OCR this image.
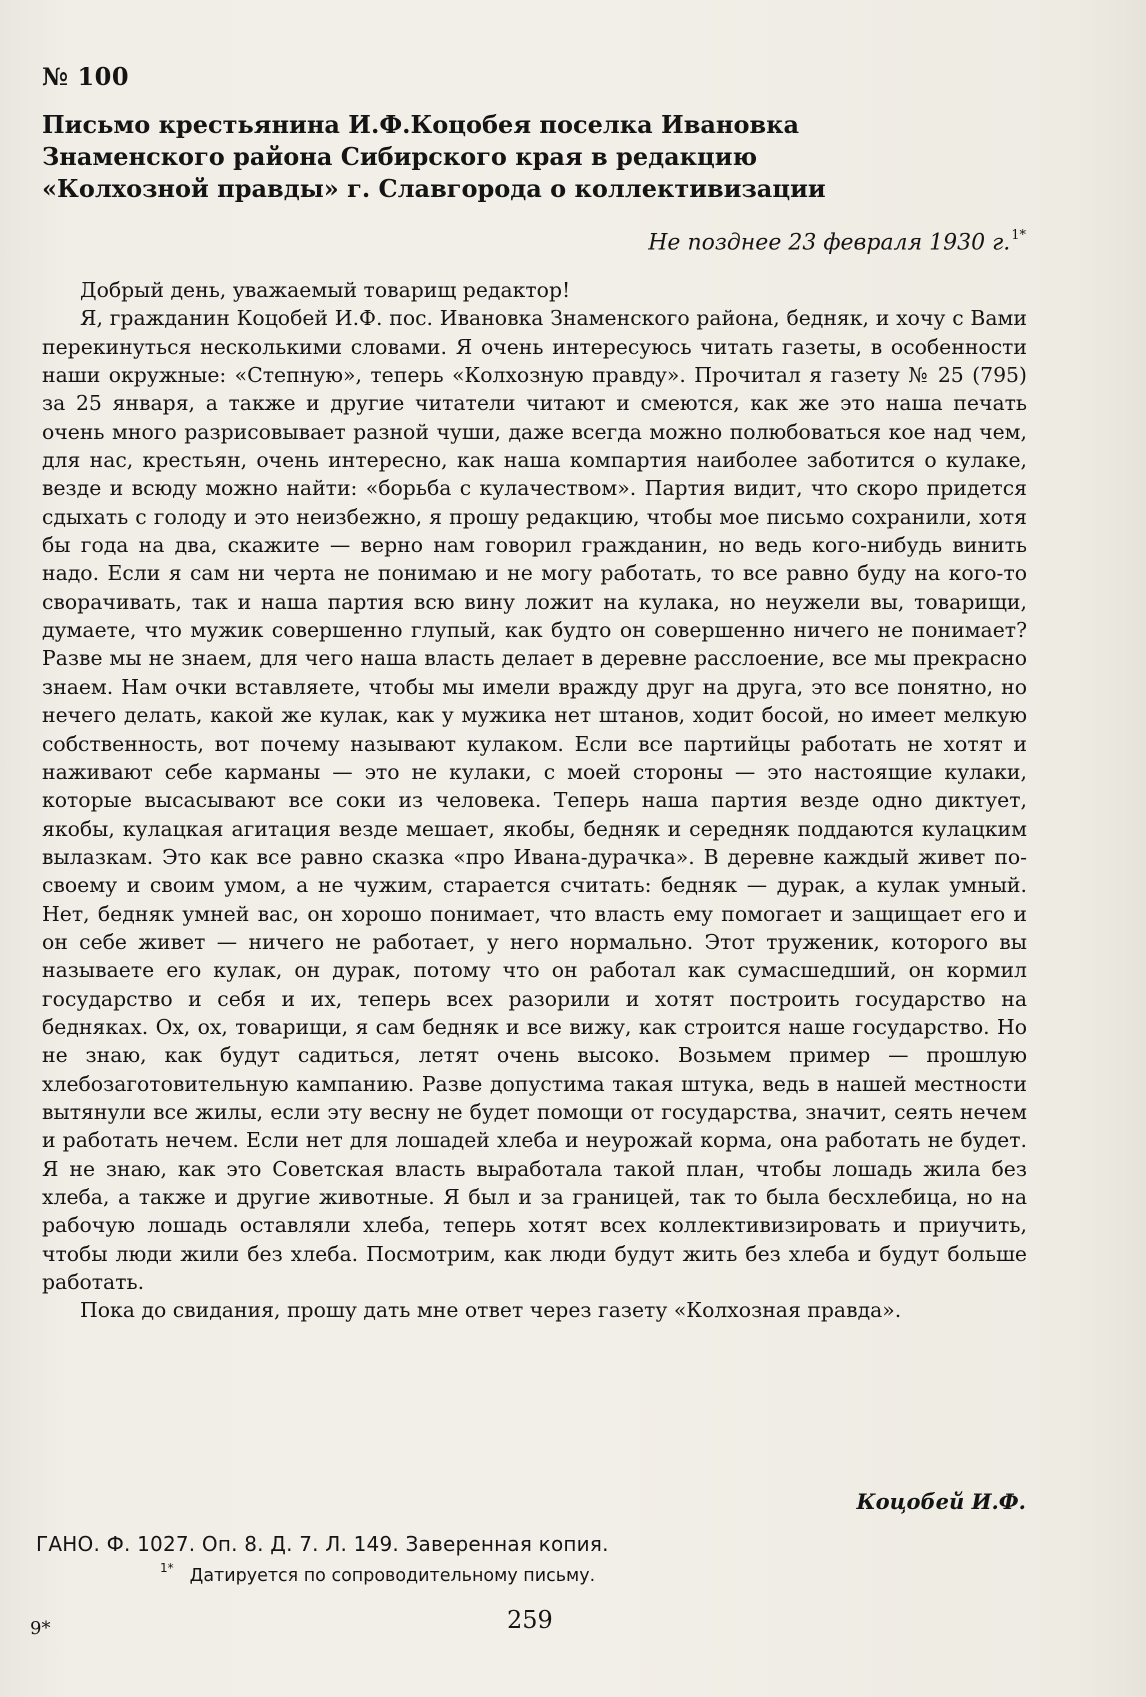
№ 100
Письмо крестьянина И.Ф.Коцобея поселка Ивановка
Знаменского района Сибирского края в редакцию
«Колхозной правды» г. Славгорода о коллективизации
Не позднее 23 февраля 1930 г.$^{1*}$

Добрый день, уважаемый товарищ редактор!

Я, гражданин Коцобей И.Ф. пос. Ивановка Знаменского района, бедняк, и хочу с Вами перекинуться несколькими словами. Я очень интересуюсь читать газеты, в особенности наши окружные: «Степную», теперь «Колхозную правду». Прочитал я газету № 25 (795) за 25 января, а также и другие читатели читают и смеются, как же это наша печать очень много разрисовывает разной чуши, даже всегда можно полюбоваться кое над чем, для нас, крестьян, очень интересно, как наша компартия наиболее заботится о кулаке, везде и всюду можно найти: «борьба с кулачеством». Партия видит, что скоро придется сдыхать с голоду и это неизбежно, я прошу редакцию, чтобы мое письмо сохранили, хотя бы года на два, скажите — верно нам говорил гражданин, но ведь кого-нибудь винить надо. Если я сам ни черта не понимаю и не могу работать, то все равно буду на кого-то сворачивать, так и наша партия всю вину ложит на кулака, но неужели вы, товарищи, думаете, что мужик совершенно глупый, как будто он совершенно ничего не понимает? Разве мы не знаем, для чего наша власть делает в деревне расслоение, все мы прекрасно знаем. Нам очки вставляете, чтобы мы имели вражду друг на друга, это все понятно, но нечего делать, какой же кулак, как у мужика нет штанов, ходит босой, но имеет мелкую собственность, вот почему называют кулаком. Если все партийцы работать не хотят и наживают себе карманы — это не кулаки, с моей стороны — это настоящие кулаки, которые высасывают все соки из человека. Теперь наша партия везде одно диктует, якобы, кулацкая агитация везде мешает, якобы, бедняк и середняк поддаются кулацким вылазкам. Это как все равно сказка «про Ивана-дурачка». В деревне каждый живет по-своему и своим умом, а не чужим, старается считать: бедняк — дурак, а кулак умный. Нет, бедняк умней вас, он хорошо понимает, что власть ему помогает и защищает его и он себе живет — ничего не работает, у него нормально. Этот труженик, которого вы называете его кулак, он дурак, потому что он работал как сумасшедший, он кормил государство и себя и их, теперь всех разорили и хотят построить государство на бедняках. Ох, ох, товарищи, я сам бедняк и все вижу, как строится наше государство. Но не знаю, как будут садиться, летят очень высоко. Возьмем пример — прошлую хлебозаготовительную кампанию. Разве допустима такая штука, ведь в нашей местности вытянули все жилы, если эту весну не будет помощи от государства, значит, сеять нечем и работать нечем. Если нет для лошадей хлеба и неурожай корма, она работать не будет. Я не знаю, как это Советская власть выработала такой план, чтобы лошадь жила без хлеба, а также и другие животные. Я был и за границей, так то была бесхлебица, но на рабочую лошадь оставляли хлеба, теперь хотят всех коллективизировать и приучить, чтобы люди жили без хлеба. Посмотрим, как люди будут жить без хлеба и будут больше работать.

Пока до свидания, прошу дать мне ответ через газету «Колхозная правда».

Коцобей И.Ф.
ГАНО. Ф. 1027. Оп. 8. Д. 7. Л. 149. Заверенная копия.
$^{1*}$ Датируется по сопроводительному письму.
9*	259
